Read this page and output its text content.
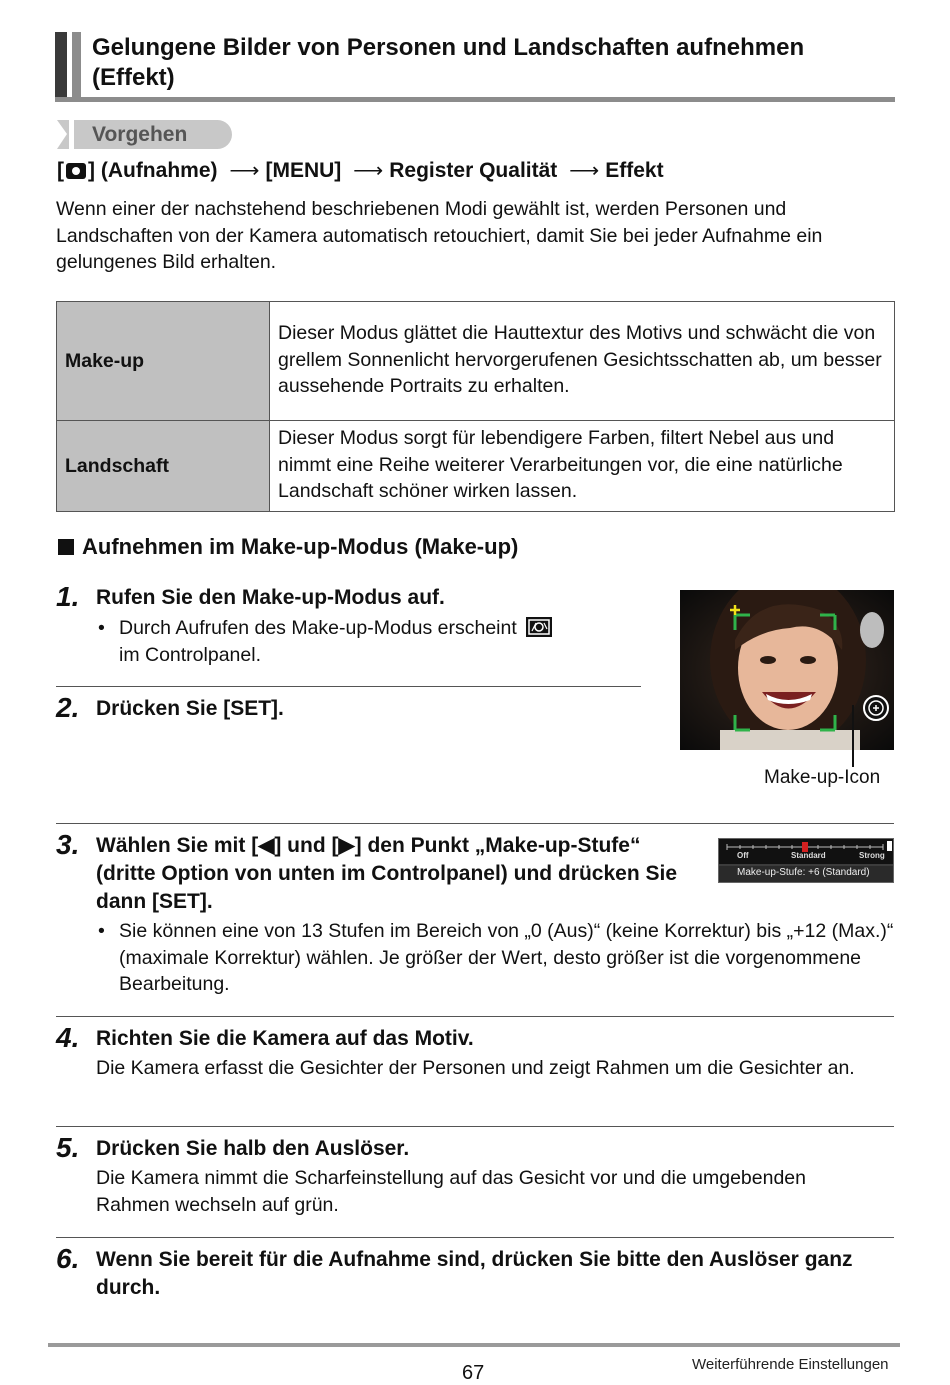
Gelungene Bilder von Personen und Landschaften aufnehmen (Effekt)
Vorgehen
[ ] (Aufnahme) ⟶ [MENU] ⟶ Register Qualität ⟶ Effekt
Wenn einer der nachstehend beschriebenen Modi gewählt ist, werden Personen und Landschaften von der Kamera automatisch retouchiert, damit Sie bei jeder Aufnahme ein gelungenes Bild erhalten.
Make-up	Dieser Modus glättet die Hauttextur des Motivs und schwächt die von grellem Sonnenlicht hervorgerufenen Gesichtsschatten ab, um besser aussehende Portraits zu erhalten.
Landschaft	Dieser Modus sorgt für lebendigere Farben, filtert Nebel aus und nimmt eine Reihe weiterer Verarbeitungen vor, die eine natürliche Landschaft schöner wirken lassen.
Aufnehmen im Make-up-Modus (Make-up)
1. Rufen Sie den Make-up-Modus auf.
• Durch Aufrufen des Make-up-Modus erscheint

im Controlpanel.
2. Drücken Sie [SET].
Make-up-Icon
3. Wählen Sie mit [◀] und [▶] den Punkt „Make-up-Stufe“ (dritte Option von unten im Controlpanel) und drücken Sie dann [SET].
Off	Standard	Strong
Make-up-Stufe: +6 (Standard)
• Sie können eine von 13 Stufen im Bereich von „0 (Aus)“ (keine Korrektur) bis „+12 (Max.)“ (maximale Korrektur) wählen. Je größer der Wert, desto größer ist die vorgenommene Bearbeitung.
4. Richten Sie die Kamera auf das Motiv.
Die Kamera erfasst die Gesichter der Personen und zeigt Rahmen um die Gesichter an.
5. Drücken Sie halb den Auslöser.
Die Kamera nimmt die Scharfeinstellung auf das Gesicht vor und die umgebenden Rahmen wechseln auf grün.
6. Wenn Sie bereit für die Aufnahme sind, drücken Sie bitte den Auslöser ganz durch.
67	Weiterführende Einstellungen
